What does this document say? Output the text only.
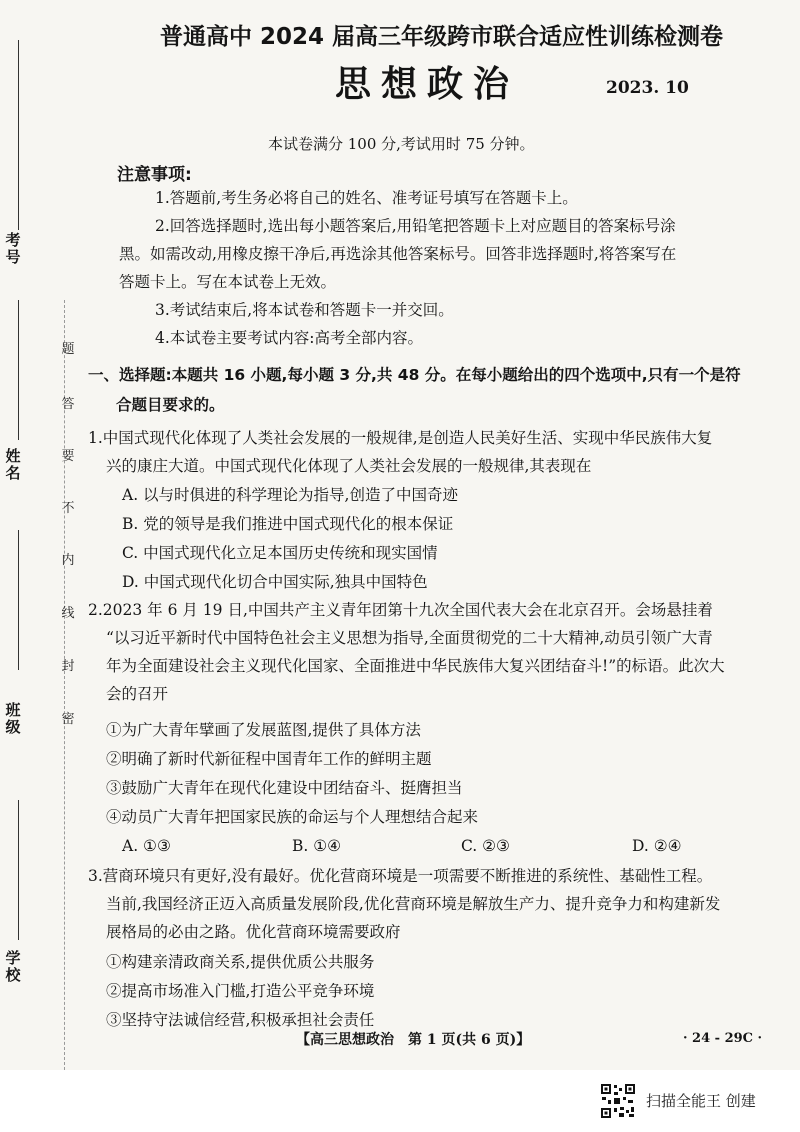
考号
姓名
班级
学校
题
答
要
不
内
线
封
密
普通高中 2024 届高三年级跨市联合适应性训练检测卷
思想政治	2023. 10
本试卷满分 100 分,考试用时 75 分钟。
注意事项:
1.答题前,考生务必将自己的姓名、准考证号填写在答题卡上。
2.回答选择题时,选出每小题答案后,用铅笔把答题卡上对应题目的答案标号涂
黑。如需改动,用橡皮擦干净后,再选涂其他答案标号。回答非选择题时,将答案写在
答题卡上。写在本试卷上无效。
3.考试结束后,将本试卷和答题卡一并交回。
4.本试卷主要考试内容:高考全部内容。
一、选择题:本题共 16 小题,每小题 3 分,共 48 分。在每小题给出的四个选项中,只有一个是符
合题目要求的。
1.中国式现代化体现了人类社会发展的一般规律,是创造人民美好生活、实现中华民族伟大复
兴的康庄大道。中国式现代化体现了人类社会发展的一般规律,其表现在
A. 以与时俱进的科学理论为指导,创造了中国奇迹
B. 党的领导是我们推进中国式现代化的根本保证
C. 中国式现代化立足本国历史传统和现实国情
D. 中国式现代化切合中国实际,独具中国特色
2.2023 年 6 月 19 日,中国共产主义青年团第十九次全国代表大会在北京召开。会场悬挂着
“以习近平新时代中国特色社会主义思想为指导,全面贯彻党的二十大精神,动员引领广大青
年为全面建设社会主义现代化国家、全面推进中华民族伟大复兴团结奋斗!”的标语。此次大
会的召开
①为广大青年擘画了发展蓝图,提供了具体方法
②明确了新时代新征程中国青年工作的鲜明主题
③鼓励广大青年在现代化建设中团结奋斗、挺膺担当
④动员广大青年把国家民族的命运与个人理想结合起来
A. ①③	B. ①④	C. ②③	D. ②④
3.营商环境只有更好,没有最好。优化营商环境是一项需要不断推进的系统性、基础性工程。
当前,我国经济正迈入高质量发展阶段,优化营商环境是解放生产力、提升竞争力和构建新发
展格局的必由之路。优化营商环境需要政府
①构建亲清政商关系,提供优质公共服务
②提高市场准入门槛,打造公平竞争环境
③坚持守法诚信经营,积极承担社会责任
【高三思想政治　第 1 页(共 6 页)】	· 24 - 29C ·
扫描全能王 创建
